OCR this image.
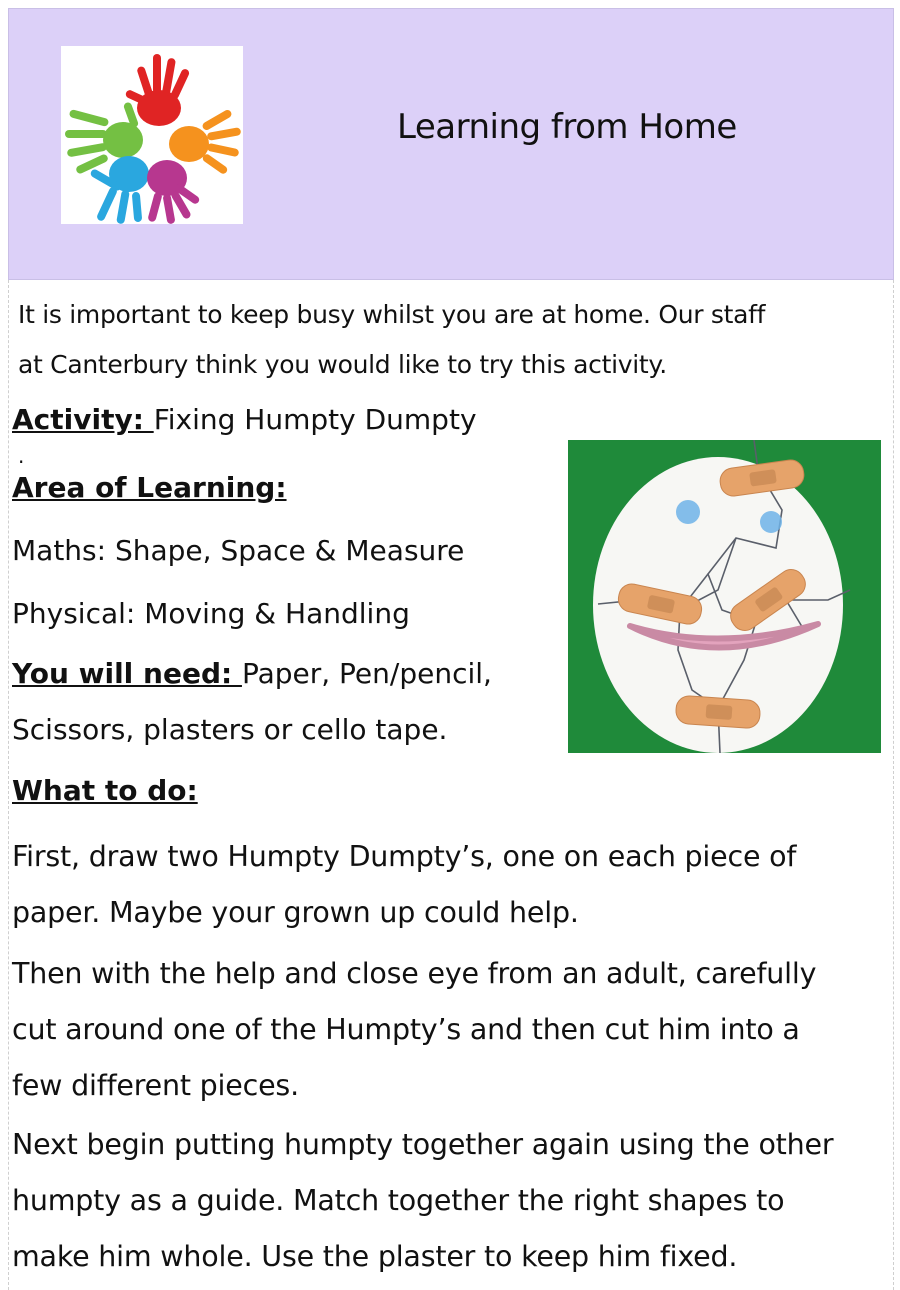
Learning from Home
It is important to keep busy whilst you are at home. Our staff
at Canterbury think you would like to try this activity.
Activity: Fixing Humpty Dumpty
.
Area of Learning:
Maths: Shape, Space & Measure
Physical: Moving & Handling
You will need: Paper, Pen/pencil,
Scissors, plasters or cello tape.
What to do:
First, draw two Humpty Dumpty’s, one on each piece of
paper. Maybe your grown up could help.
Then with the help and close eye from an adult, carefully
cut around one of the Humpty’s and then cut him into a
few different pieces.
Next begin putting humpty together again using the other
humpty as a guide. Match together the right shapes to
make him whole. Use the plaster to keep him fixed.
